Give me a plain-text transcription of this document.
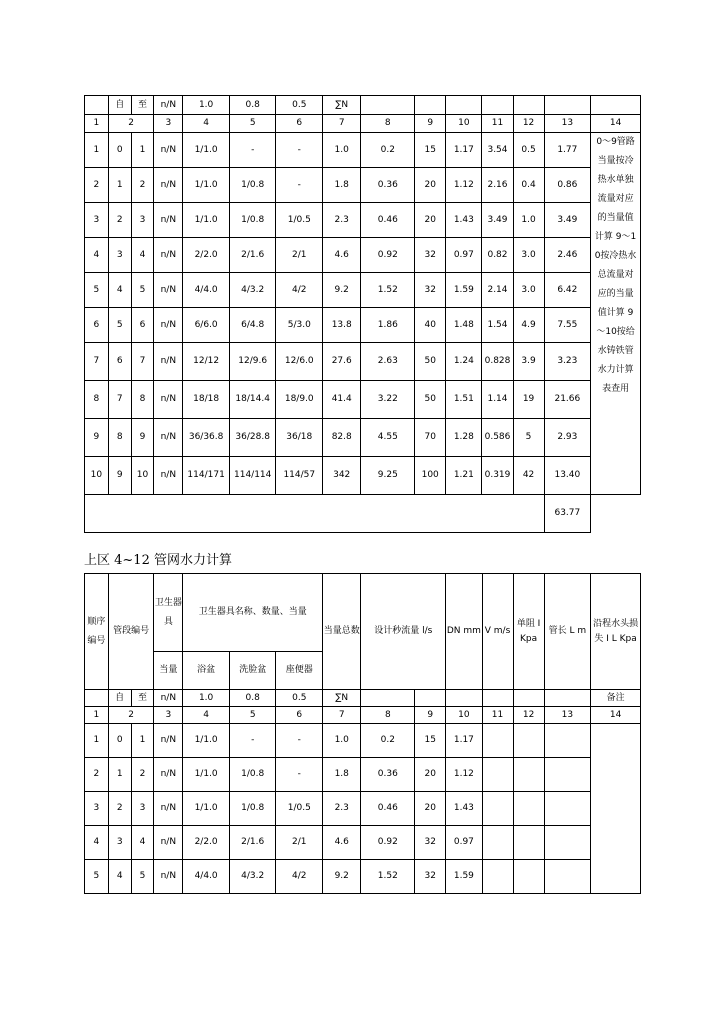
	自	至	n/N	1.0	0.8	0.5	∑N							
1	2		3	4	5	6	7	8	9	10	11	12	13	14
1	0	1	n/N	1/1.0	-	-	1.0	0.2	15	1.17	3.54	0.5	1.77	0～9管路当量按冷热水单独流量对应的当量值计算 9～10按冷热水总流量对应的当量值计算 9～10按给水铸铁管水力计算表查用
2	1	2	n/N	1/1.0	1/0.8	-	1.8	0.36	20	1.12	2.16	0.4	0.86	
3	2	3	n/N	1/1.0	1/0.8	1/0.5	2.3	0.46	20	1.43	3.49	1.0	3.49	
4	3	4	n/N	2/2.0	2/1.6	2/1	4.6	0.92	32	0.97	0.82	3.0	2.46	
5	4	5	n/N	4/4.0	4/3.2	4/2	9.2	1.52	32	1.59	2.14	3.0	6.42	
6	5	6	n/N	6/6.0	6/4.8	5/3.0	13.8	1.86	40	1.48	1.54	4.9	7.55	
7	6	7	n/N	12/12	12/9.6	12/6.0	27.6	2.63	50	1.24	0.828	3.9	3.23	
8	7	8	n/N	18/18	18/14.4	18/9.0	41.4	3.22	50	1.51	1.14	19	21.66	
9	8	9	n/N	36/36.8	36/28.8	36/18	82.8	4.55	70	1.28	0.586	5	2.93	
10	9	10	n/N	114/171	114/114	114/57	342	9.25	100	1.21	0.319	42	13.40	
													63.77	
上区 4~12 管网水力计算
顺序编号	管段编号		卫生器具	卫生器具名称、数量、当量			当量总数	设计秒流量 l/s		DN mm	V m/s	单阻 I Kpa	管长 L m	沿程水头损失 I L Kpa
			当量	浴盆	洗脸盆	座便器								
	自	至	n/N	1.0	0.8	0.5	∑N							备注
1	2		3	4	5	6	7	8	9	10	11	12	13	14
1	0	1	n/N	1/1.0	-	-	1.0	0.2	15	1.17				
2	1	2	n/N	1/1.0	1/0.8	-	1.8	0.36	20	1.12				
3	2	3	n/N	1/1.0	1/0.8	1/0.5	2.3	0.46	20	1.43				
4	3	4	n/N	2/2.0	2/1.6	2/1	4.6	0.92	32	0.97				
5	4	5	n/N	4/4.0	4/3.2	4/2	9.2	1.52	32	1.59				
